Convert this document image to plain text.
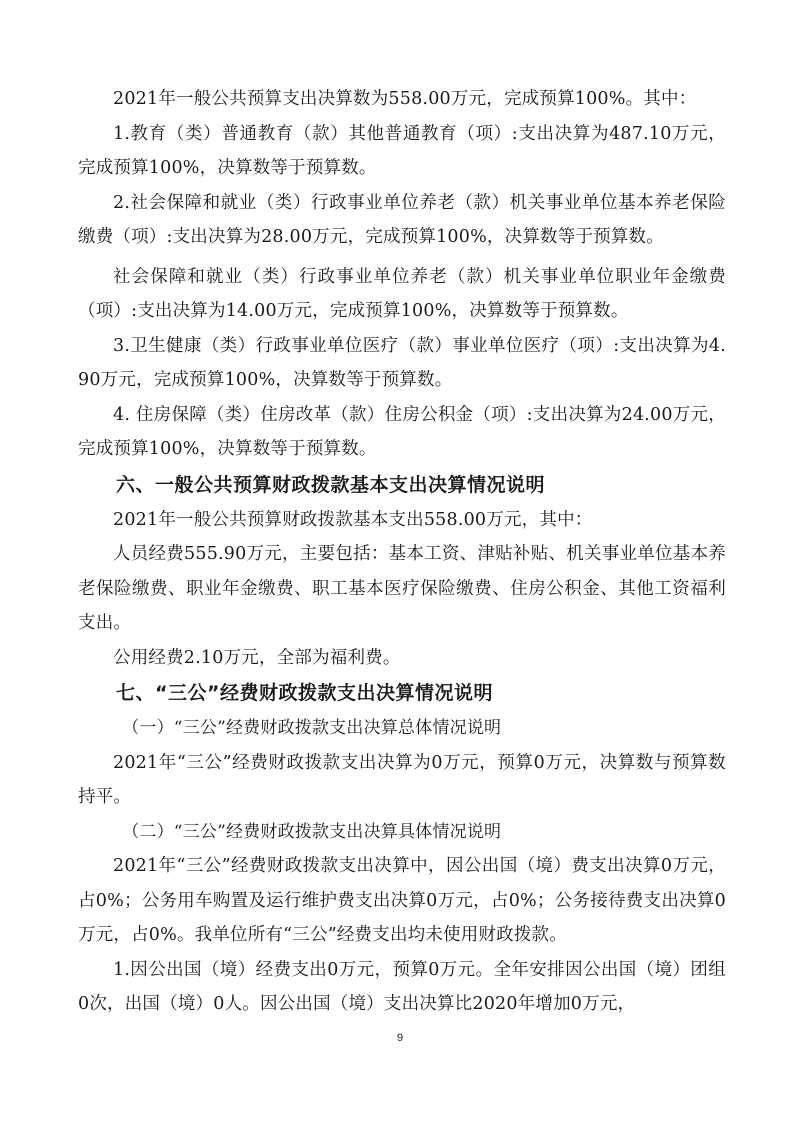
2021年一般公共预算支出决算数为558.00万元，完成预算100%。其中：

1.教育（类）普通教育（款）其他普通教育（项）:支出决算为487.10万元，完成预算100%，决算数等于预算数。

2.社会保障和就业（类）行政事业单位养老（款）机关事业单位基本养老保险缴费（项）:支出决算为28.00万元，完成预算100%，决算数等于预算数。

社会保障和就业（类）行政事业单位养老（款）机关事业单位职业年金缴费（项）:支出决算为14.00万元，完成预算100%，决算数等于预算数。

3.卫生健康（类）行政事业单位医疗（款）事业单位医疗（项）:支出决算为4.90万元，完成预算100%，决算数等于预算数。

4. 住房保障（类）住房改革（款）住房公积金（项）:支出决算为24.00万元，完成预算100%，决算数等于预算数。

六、一般公共预算财政拨款基本支出决算情况说明

2021年一般公共预算财政拨款基本支出558.00万元，其中：

人员经费555.90万元，主要包括：基本工资、津贴补贴、机关事业单位基本养老保险缴费、职业年金缴费、职工基本医疗保险缴费、住房公积金、其他工资福利支出。

公用经费2.10万元，全部为福利费。

七、“三公”经费财政拨款支出决算情况说明

（一）“三公”经费财政拨款支出决算总体情况说明

2021年“三公”经费财政拨款支出决算为0万元，预算0万元，决算数与预算数持平。

（二）“三公”经费财政拨款支出决算具体情况说明

2021年“三公”经费财政拨款支出决算中，因公出国（境）费支出决算0万元，占0%；公务用车购置及运行维护费支出决算0万元，占0%；公务接待费支出决算0万元，占0%。我单位所有“三公”经费支出均未使用财政拨款。

1.因公出国（境）经费支出0万元，预算0万元。全年安排因公出国（境）团组0次，出国（境）0人。因公出国（境）支出决算比2020年增加0万元，

9
